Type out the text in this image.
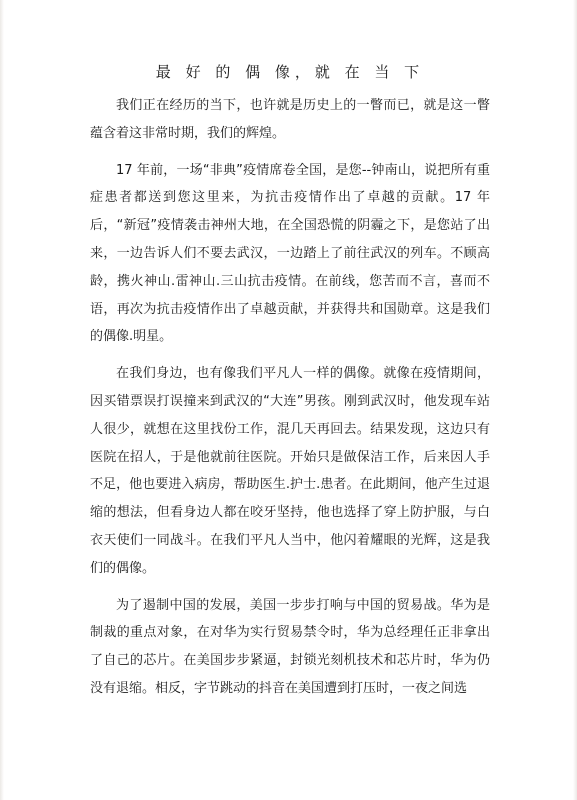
最 好 的 偶 像，就 在 当 下

我们正在经历的当下，也许就是历史上的一瞥而已，就是这一瞥蕴含着这非常时期，我们的辉煌。

17 年前，一场“非典”疫情席卷全国，是您--钟南山，说把所有重症患者都送到您这里来，为抗击疫情作出了卓越的贡献。17 年后，“新冠”疫情袭击神州大地，在全国恐慌的阴霾之下，是您站了出来，一边告诉人们不要去武汉，一边踏上了前往武汉的列车。不顾高龄，携火神山.雷神山.三山抗击疫情。在前线，您苦而不言，喜而不语，再次为抗击疫情作出了卓越贡献，并获得共和国勋章。这是我们的偶像.明星。

在我们身边，也有像我们平凡人一样的偶像。就像在疫情期间，因买错票误打误撞来到武汉的“大连”男孩。刚到武汉时，他发现车站人很少，就想在这里找份工作，混几天再回去。结果发现，这边只有医院在招人，于是他就前往医院。开始只是做保洁工作，后来因人手不足，他也要进入病房，帮助医生.护士.患者。在此期间，他产生过退缩的想法，但看身边人都在咬牙坚持，他也选择了穿上防护服，与白衣天使们一同战斗。在我们平凡人当中，他闪着耀眼的光辉，这是我们的偶像。

为了遏制中国的发展，美国一步步打响与中国的贸易战。华为是制裁的重点对象，在对华为实行贸易禁令时，华为总经理任正非拿出了自己的芯片。在美国步步紧逼，封锁光刻机技术和芯片时，华为仍没有退缩。相反，字节跳动的抖音在美国遭到打压时，一夜之间选
